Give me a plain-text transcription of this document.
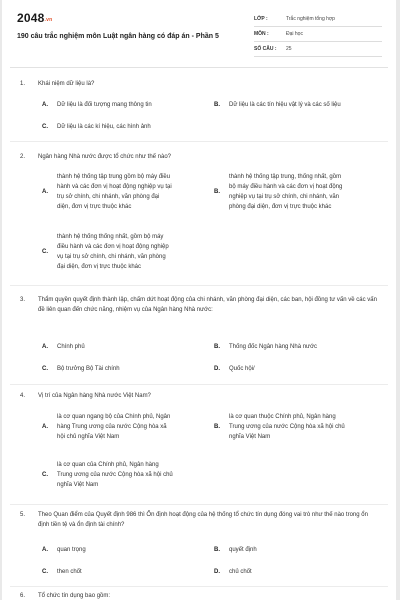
2048.vn
190 câu trắc nghiệm môn Luật ngân hàng có đáp án - Phần 5
LỚP :	Trắc nghiệm tổng hợp
MÔN :	Đại học
SỐ CÂU : 25
1. Khái niệm dữ liệu là?
A. Dữ liệu là đối tượng mang thông tin	B. Dữ liệu là các tín hiệu vật lý và các số liệu
C. Dữ liệu là các kí hiệu, các hình ảnh
2. Ngân hàng Nhà nước được tổ chức như thế nào?
A.
thành hệ thống tập trung gồm bộ máy điều
hành và các đơn vị hoạt động nghiệp vụ tại
trụ sở chính, chi nhánh, văn phòng đại
diện, đơn vị trực thuộc khác
B.
thành hệ thống tập trung, thống nhất, gồm
bộ máy điều hành và các đơn vị hoạt động
nghiệp vụ tại trụ sở chính, chi nhánh, văn
phòng đại diện, đơn vị trực thuộc khác
C.
thành hệ thống thống nhất, gồm bộ máy
điều hành và các đơn vị hoạt động nghiệp
vụ tại trụ sở chính, chi nhánh, văn phòng
đại diện, đơn vị trực thuộc khác
3. Thẩm quyền quyết định thành lập, chấm dứt hoạt động của chi nhánh, văn phòng đại diện, các ban, hội đồng tư vấn về các vấn đề liên quan đến chức năng, nhiệm vụ của Ngân hàng Nhà nước:
A. Chính phủ	B. Thống đốc Ngân hàng Nhà nước
C. Bộ trưởng Bộ Tài chính	D. Quốc hội/
4. Vị trí của Ngân hàng Nhà nước Việt Nam?
A.
là cơ quan ngang bộ của Chính phủ, Ngân
hàng Trung ương của nước Cộng hòa xã
hội chủ nghĩa Việt Nam
B.
là cơ quan thuộc Chính phủ, Ngân hàng
Trung ương của nước Cộng hòa xã hội chủ
nghĩa Việt Nam
C.
là cơ quan của Chính phủ, Ngân hàng
Trung ương của nước Cộng hòa xã hội chủ
nghĩa Việt Nam
5. Theo Quan điểm của Quyết định 986 thì Ổn định hoạt động của hệ thống tổ chức tín dụng đóng vai trò như thế nào trong ổn định tiền tệ và ổn định tài chính?
A. quan trọng	B. quyết định
C. then chốt	D. chủ chốt
6. Tổ chức tín dụng bao gồm:
